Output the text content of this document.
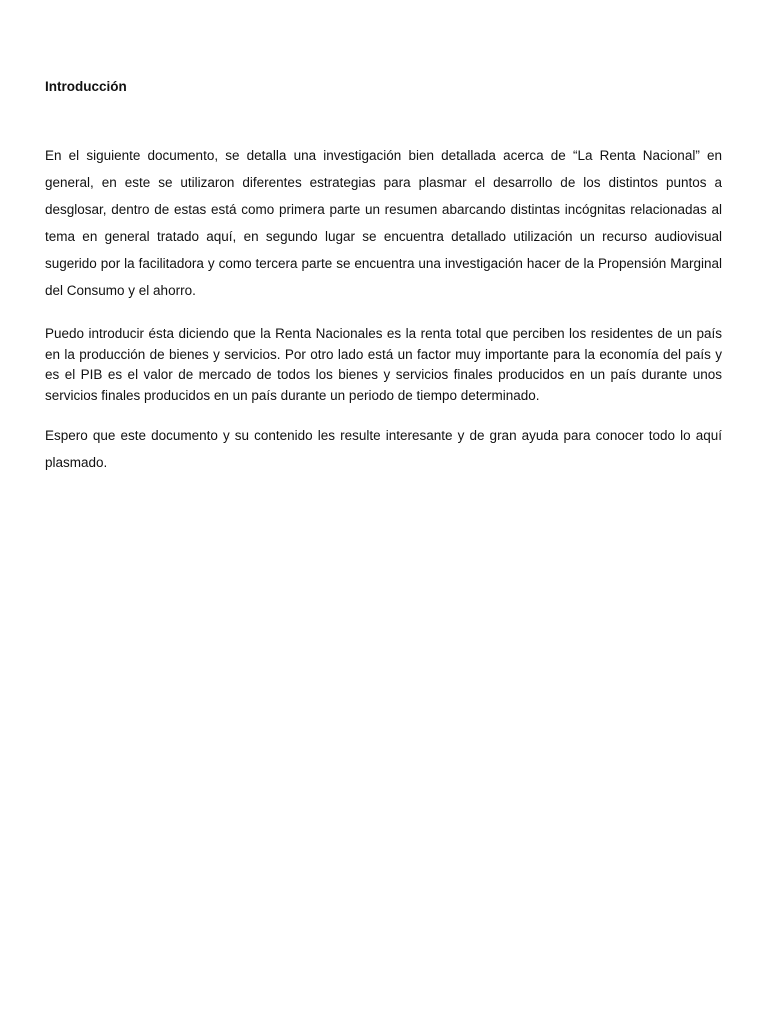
Introducción

En el siguiente documento, se detalla una investigación bien detallada acerca de “La Renta Nacional” en general, en este se utilizaron diferentes estrategias para plasmar el desarrollo de los distintos puntos a desglosar, dentro de estas está como primera parte un resumen abarcando distintas incógnitas relacionadas al tema en general tratado aquí, en segundo lugar se encuentra detallado utilización un recurso audiovisual sugerido por la facilitadora y como tercera parte se encuentra una investigación hacer de la Propensión Marginal del Consumo y el ahorro.

Puedo introducir ésta diciendo que la Renta Nacionales es la renta total que perciben los residentes de un país en la producción de bienes y servicios. Por otro lado está un factor muy importante para la economía del país y es el PIB es el valor de mercado de todos los bienes y servicios finales producidos en un país durante unos servicios finales producidos en un país durante un periodo de tiempo determinado.

Espero que este documento y su contenido les resulte interesante y de gran ayuda para conocer todo lo aquí plasmado.
